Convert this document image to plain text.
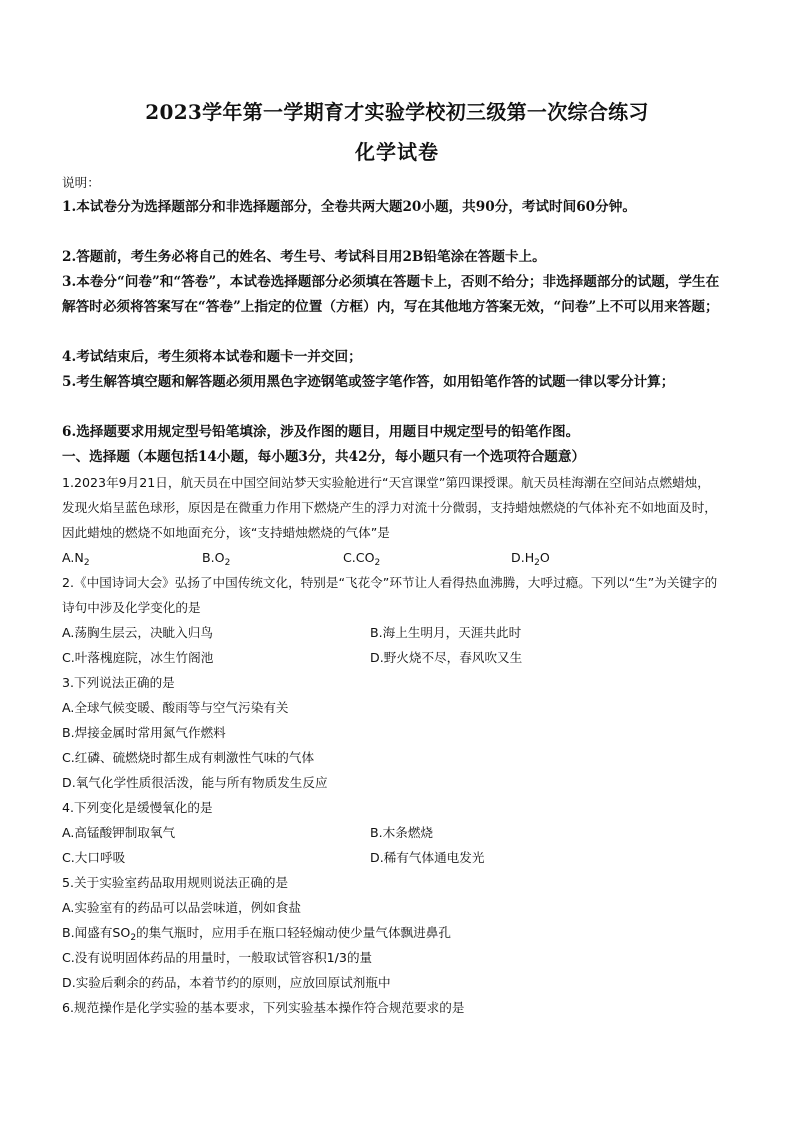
2023学年第一学期育才实验学校初三级第一次综合练习
化学试卷
说明：
1.本试卷分为选择题部分和非选择题部分，全卷共两大题20小题，共90分，考试时间60分钟。
2.答题前，考生务必将自己的姓名、考生号、考试科目用2B铅笔涂在答题卡上。
3.本卷分“问卷”和“答卷”，本试卷选择题部分必须填在答题卡上，否则不给分；非选择题部分的试题，学生在解答时必须将答案写在“答卷”上指定的位置（方框）内，写在其他地方答案无效，“问卷”上不可以用来答题；
4.考试结束后，考生须将本试卷和题卡一并交回；
5.考生解答填空题和解答题必须用黑色字迹钢笔或签字笔作答，如用铅笔作答的试题一律以零分计算；
6.选择题要求用规定型号铅笔填涂，涉及作图的题目，用题目中规定型号的铅笔作图。
一、选择题（本题包括14小题，每小题3分，共42分，每小题只有一个选项符合题意）
1.2023年9月21日，航天员在中国空间站梦天实验舱进行“天宫课堂”第四课授课。航天员桂海潮在空间站点燃蜡烛，发现火焰呈蓝色球形，原因是在微重力作用下燃烧产生的浮力对流十分微弱，支持蜡烛燃烧的气体补充不如地面及时，因此蜡烛的燃烧不如地面充分，该“支持蜡烛燃烧的气体”是
$A.N_2$	$B.O_2$	$C.CO_2$	$D.H_2O$
2.《中国诗词大会》弘扬了中国传统文化，特别是“飞花令”环节让人看得热血沸腾，大呼过瘾。下列以“生”为关键字的诗句中涉及化学变化的是
A.荡胸生层云，决眦入归鸟	B.海上生明月，天涯共此时
C.叶落槐庭院，冰生竹阁池	D.野火烧不尽，春风吹又生
3.下列说法正确的是
A.全球气候变暖、酸雨等与空气污染有关
B.焊接金属时常用氮气作燃料
C.红磷、硫燃烧时都生成有刺激性气味的气体
D.氧气化学性质很活泼，能与所有物质发生反应
4.下列变化是缓慢氧化的是
A.高锰酸钾制取氧气	B.木条燃烧
C.大口呼吸	D.稀有气体通电发光
5.关于实验室药品取用规则说法正确的是
A.实验室有的药品可以品尝味道，例如食盐
B.闻盛有$SO_2$的集气瓶时，应用手在瓶口轻轻煽动使少量气体飘进鼻孔
C.没有说明固体药品的用量时，一般取试管容积1/3的量
D.实验后剩余的药品，本着节约的原则，应放回原试剂瓶中
6.规范操作是化学实验的基本要求，下列实验基本操作符合规范要求的是
